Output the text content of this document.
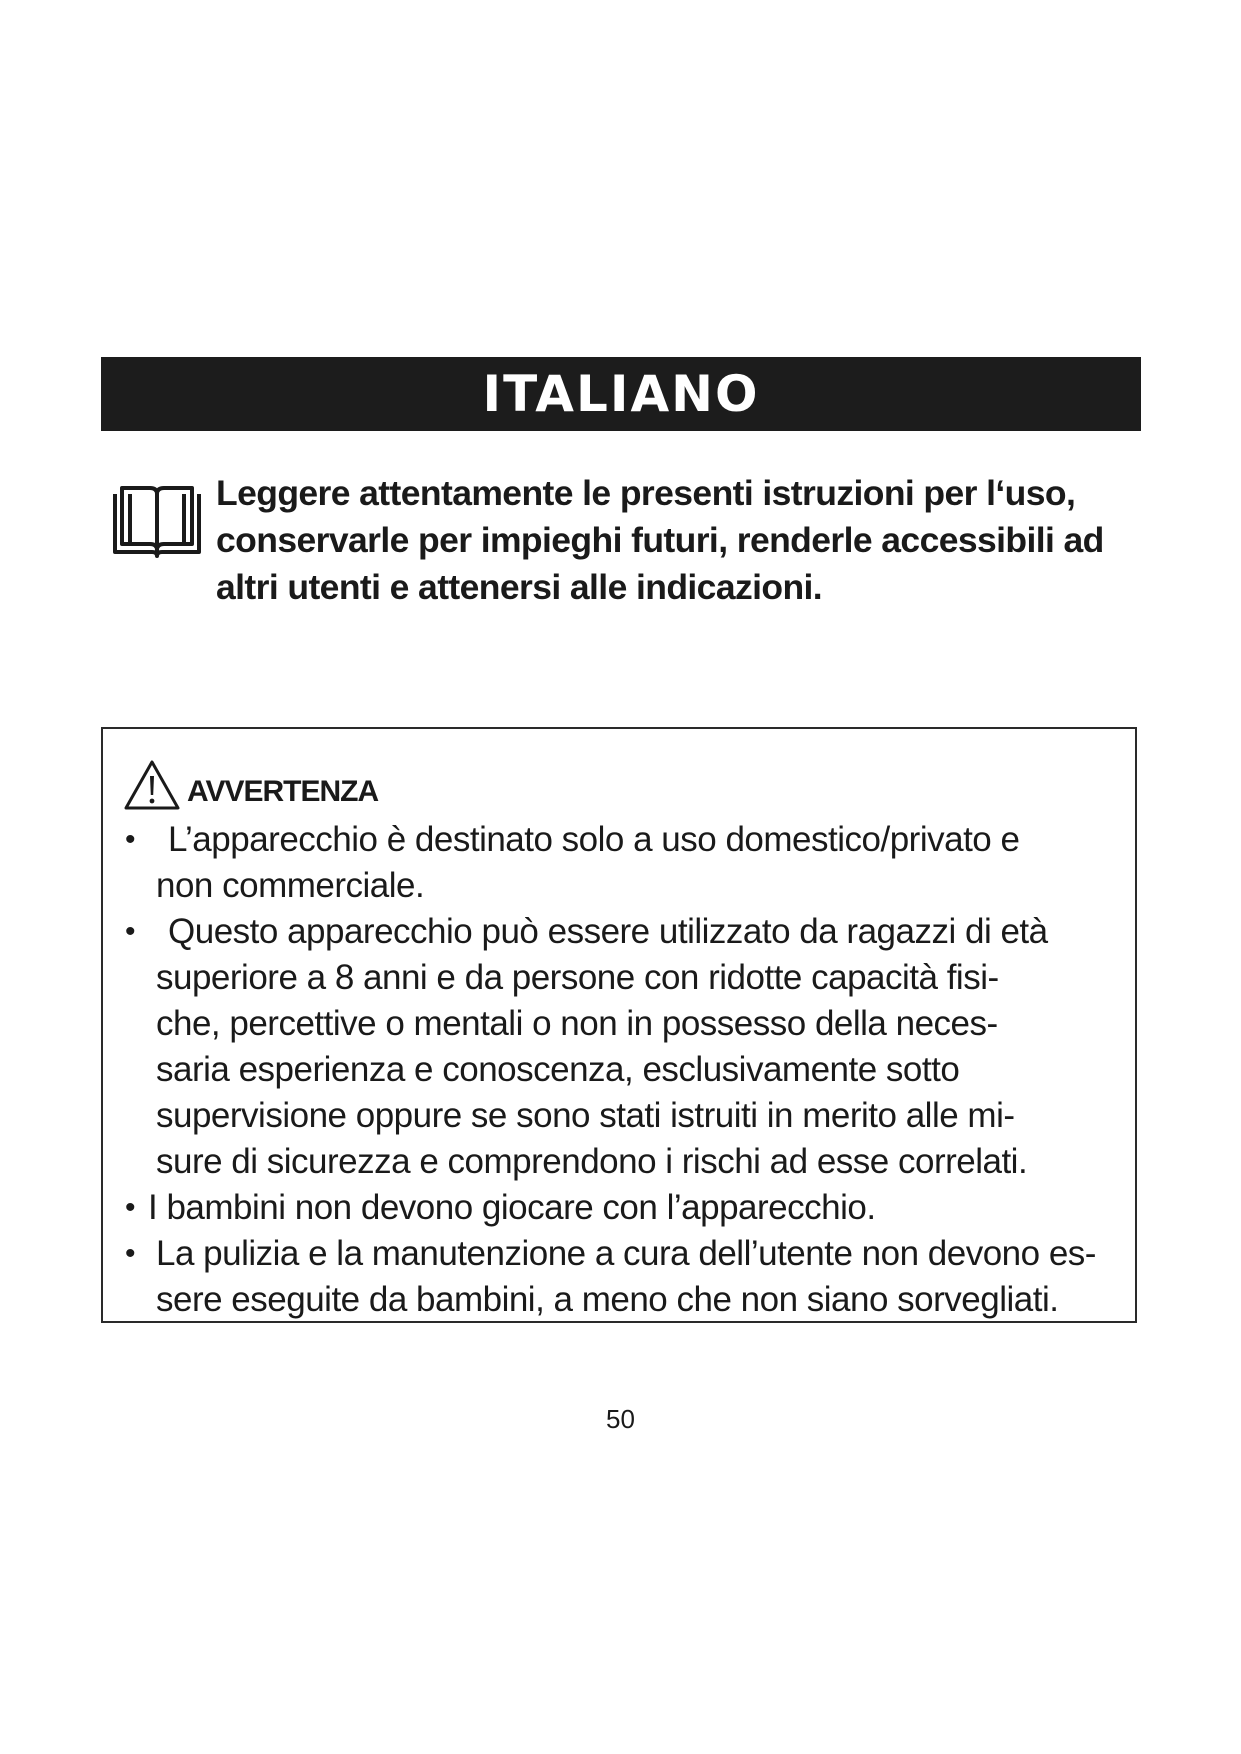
ITALIANO
Leggere attentamente le presenti istruzioni per l‘uso,
conservarle per impieghi futuri, renderle accessibili ad
altri utenti e attenersi alle indicazioni.
AVVERTENZA
• L’apparecchio è destinato solo a uso domestico/privato e
non commerciale.
• Questo apparecchio può essere utilizzato da ragazzi di età
superiore a 8 anni e da persone con ridotte capacità fisi-
che, percettive o mentali o non in possesso della neces-
saria esperienza e conoscenza, esclusivamente sotto
supervisione oppure se sono stati istruiti in merito alle mi-
sure di sicurezza e comprendono i rischi ad esse correlati.
• I bambini non devono giocare con l’apparecchio.
• La pulizia e la manutenzione a cura dell’utente non devono es-
sere eseguite da bambini, a meno che non siano sorvegliati.
50
